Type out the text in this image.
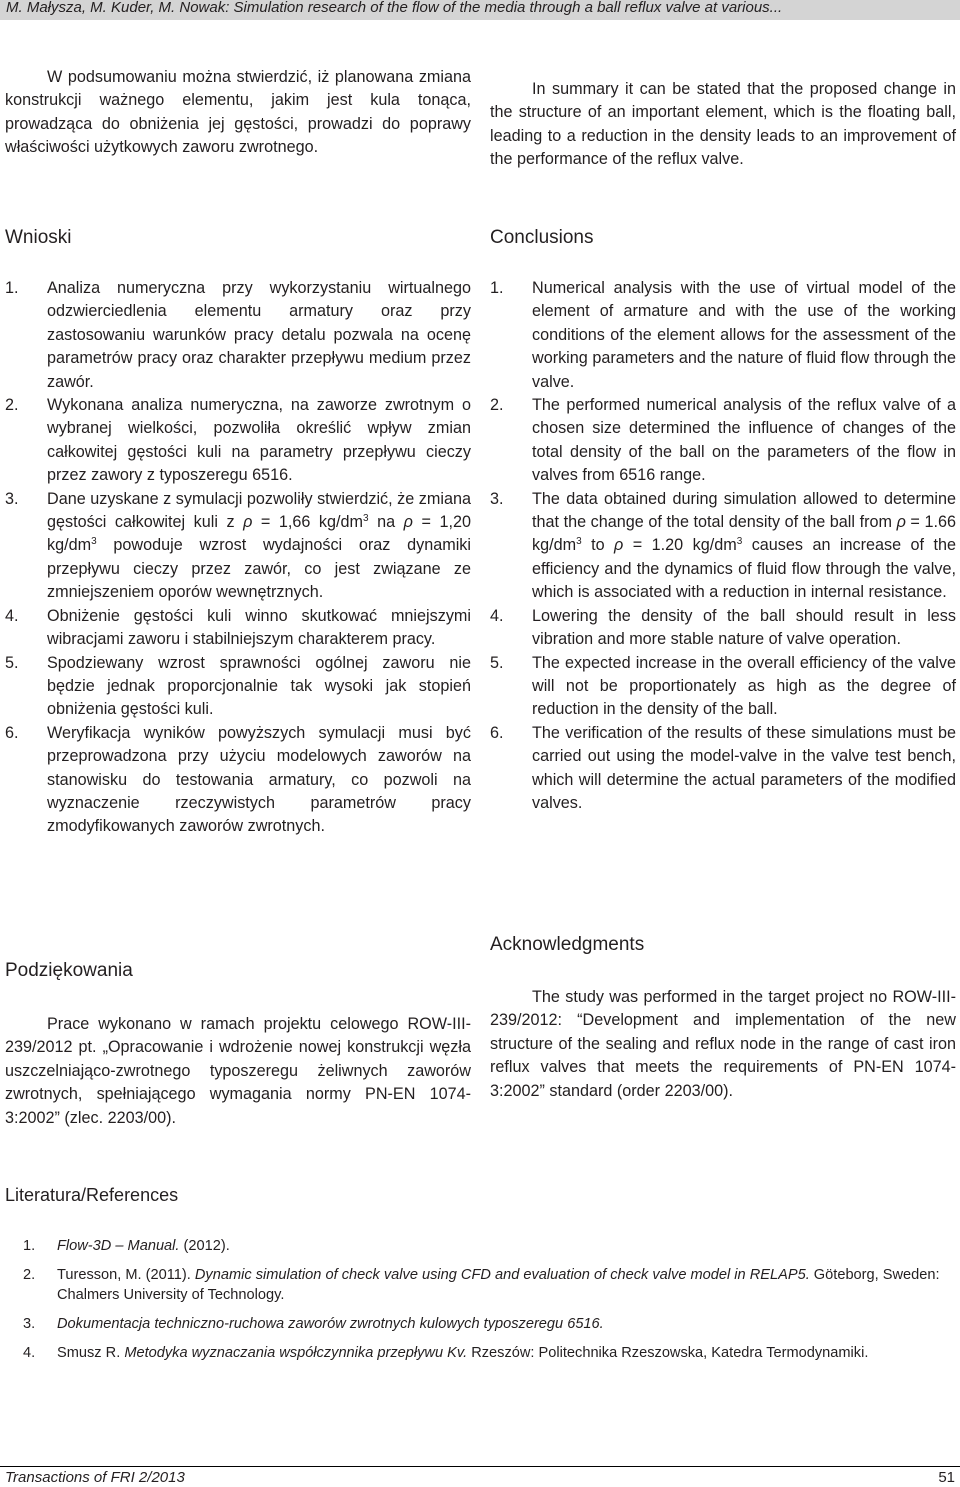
M. Małysza, M. Kuder, M. Nowak: Simulation research of the flow of the media through a ball reflux valve at various...

W podsumowaniu można stwierdzić, iż planowana zmiana konstrukcji ważnego elementu, jakim jest kula tonąca, prowadząca do obniżenia jej gęstości, prowadzi do poprawy właściwości użytkowych zaworu zwrotnego.

Wnioski
1. Analiza numeryczna przy wykorzystaniu wirtualnego odzwierciedlenia elementu armatury oraz przy zastosowaniu warunków pracy detalu pozwala na ocenę parametrów pracy oraz charakter przepływu medium przez zawór.
2. Wykonana analiza numeryczna, na zaworze zwrotnym o wybranej wielkości, pozwoliła określić wpływ zmian całkowitej gęstości kuli na parametry przepływu cieczy przez zawory z typoszeregu 6516.
3. Dane uzyskane z symulacji pozwoliły stwierdzić, że zmiana gęstości całkowitej kuli z ρ = 1,66 $kg/dm^3$ na ρ = 1,20 $kg/dm^3$ powoduje wzrost wydajności oraz dynamiki przepływu cieczy przez zawór, co jest związane ze zmniejszeniem oporów wewnętrznych.
4. Obniżenie gęstości kuli winno skutkować mniejszymi wibracjami zaworu i stabilniejszym charakterem pracy.
5. Spodziewany wzrost sprawności ogólnej zaworu nie będzie jednak proporcjonalnie tak wysoki jak stopień obniżenia gęstości kuli.
6. Weryfikacja wyników powyższych symulacji musi być przeprowadzona przy użyciu modelowych zaworów na stanowisku do testowania armatury, co pozwoli na wyznaczenie rzeczywistych parametrów pracy zmodyfikowanych zaworów zwrotnych.
Podziękowania

Prace wykonano w ramach projektu celowego ROW-III-239/2012 pt. „Opracowanie i wdrożenie nowej konstrukcji węzła uszczelniająco-zwrotnego typoszeregu żeliwnych zaworów zwrotnych, spełniającego wymagania normy PN-EN 1074-3:2002” (zlec. 2203/00).

In summary it can be stated that the proposed change in the structure of an important element, which is the floating ball, leading to a reduction in the density leads to an improvement of the performance of the reflux valve.

Conclusions
1. Numerical analysis with the use of virtual model of the element of armature and with the use of the working conditions of the element allows for the assessment of the working parameters and the nature of fluid flow through the valve.
2. The performed numerical analysis of the reflux valve of a chosen size determined the influence of changes of the total density of the ball on the parameters of the flow in valves from 6516 range.
3. The data obtained during simulation allowed to determine that the change of the total density of the ball from ρ = 1.66 $kg/dm^3$ to ρ = 1.20 $kg/dm^3$ causes an increase of the efficiency and the dynamics of fluid flow through the valve, which is associated with a reduction in internal resistance.
4. Lowering the density of the ball should result in less vibration and more stable nature of valve operation.
5. The expected increase in the overall efficiency of the valve will not be proportionately as high as the degree of reduction in the density of the ball.
6. The verification of the results of these simulations must be carried out using the model-valve in the valve test bench, which will determine the actual parameters of the modified valves.
Acknowledgments

The study was performed in the target project no ROW-III-239/2012: “Development and implementation of the new structure of the sealing and reflux node in the range of cast iron reflux valves that meets the requirements of PN-EN 1074-3:2002” standard (order 2203/00).

Literatura/References
1. Flow-3D – Manual. (2012).
2. Turesson, M. (2011). Dynamic simulation of check valve using CFD and evaluation of check valve model in RELAP5. Göteborg, Sweden: Chalmers University of Technology.
3. Dokumentacja techniczno-ruchowa zaworów zwrotnych kulowych typoszeregu 6516.
4. Smusz R. Metodyka wyznaczania współczynnika przepływu Kv. Rzeszów: Politechnika Rzeszowska, Katedra Termodynamiki.
Transactions of FRI 2/2013	51
